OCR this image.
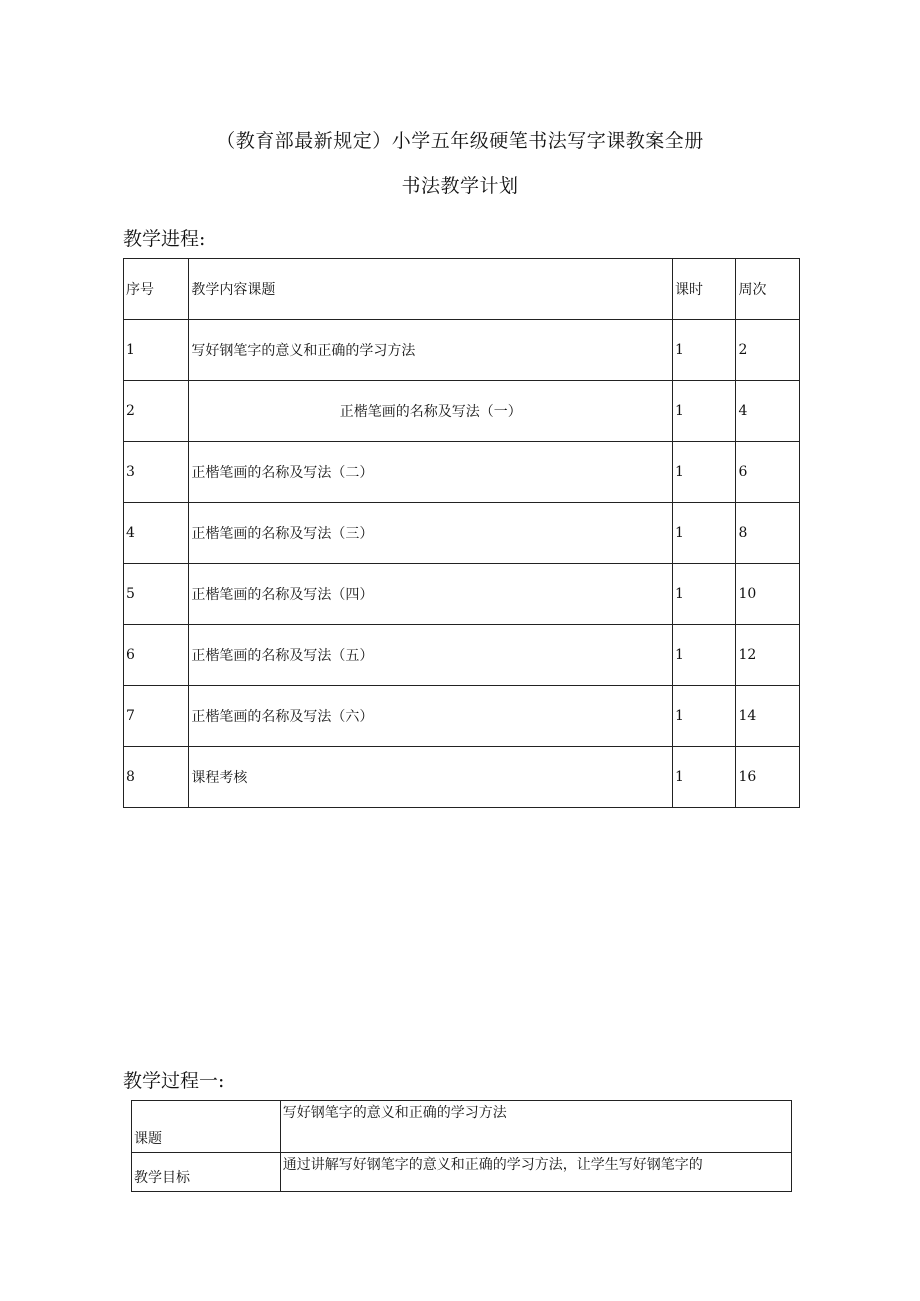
（教育部最新规定）小学五年级硬笔书法写字课教案全册
书法教学计划
教学进程:
序号	教学内容课题	课时	周次
1	写好钢笔字的意义和正确的学习方法	1	2
2	正楷笔画的名称及写法（一）	1	4
3	正楷笔画的名称及写法（二）	1	6
4	正楷笔画的名称及写法（三）	1	8
5	正楷笔画的名称及写法（四）	1	10
6	正楷笔画的名称及写法（五）	1	12
7	正楷笔画的名称及写法（六）	1	14
8	课程考核	1	16
教学过程一:
课题	写好钢笔字的意义和正确的学习方法
教学目标	通过讲解写好钢笔字的意义和正确的学习方法，让学生写好钢笔字的
